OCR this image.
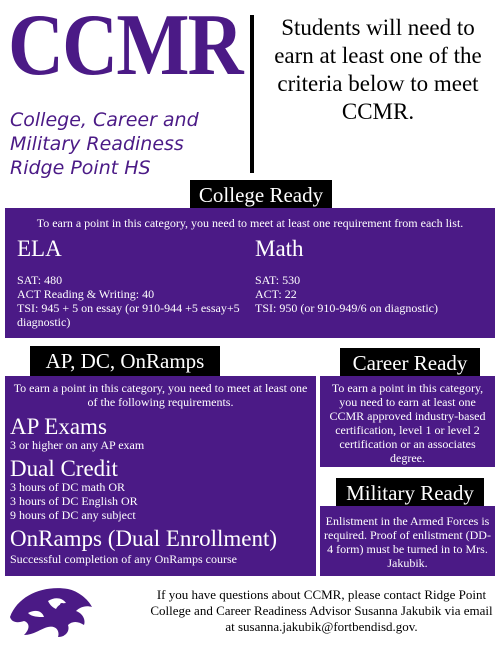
CCMR
College, Career and
Military Readiness
Ridge Point HS
Students will need to earn at least one of the criteria below to meet CCMR.
College Ready
To earn a point in this category, you need to meet at least one requirement from each list.
ELA
SAT: 480
ACT Reading & Writing: 40
TSI: 945 + 5 on essay (or 910-944 +5 essay+5 diagnostic)
Math
SAT: 530
ACT: 22
TSI: 950 (or 910-949/6 on diagnostic)
AP, DC, OnRamps
To earn a point in this category, you need to meet at least one of the following requirements.
AP Exams
3 or higher on any AP exam
Dual Credit
3 hours of DC math OR
3 hours of DC English OR
9 hours of DC any subject
OnRamps (Dual Enrollment)
Successful completion of any OnRamps course
Career Ready
To earn a point in this category, you need to earn at least one CCMR approved industry-based certification, level 1 or level 2 certification or an associates degree.
Military Ready
Enlistment in the Armed Forces is required. Proof of enlistment (DD-4 form) must be turned in to Mrs. Jakubik.
If you have questions about CCMR, please contact Ridge Point College and Career Readiness Advisor Susanna Jakubik via email at susanna.jakubik@fortbendisd.gov.
